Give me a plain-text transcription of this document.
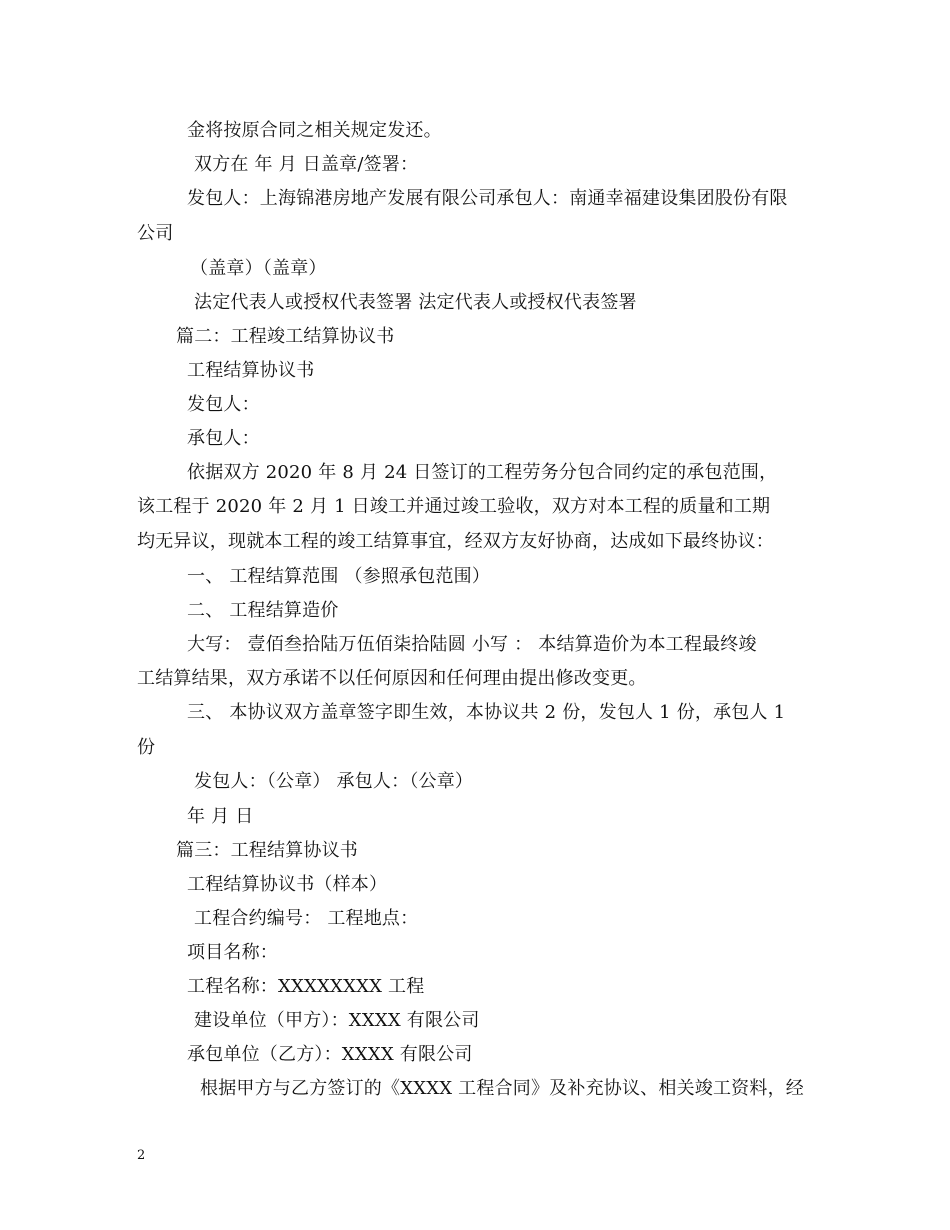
金将按原合同之相关规定发还。
双方在 年 月 日盖章/签署：
发包人：上海锦港房地产发展有限公司承包人：南通幸福建设集团股份有限
公司
（盖章）（盖章）
法定代表人或授权代表签署 法定代表人或授权代表签署
篇二：工程竣工结算协议书
工程结算协议书
发包人：
承包人：
依据双方 2020 年 8 月 24 日签订的工程劳务分包合同约定的承包范围，
该工程于 2020 年 2 月 1 日竣工并通过竣工验收，双方对本工程的质量和工期
均无异议，现就本工程的竣工结算事宜，经双方友好协商，达成如下最终协议：
一、 工程结算范围 （参照承包范围）
二、 工程结算造价
大写： 壹佰叁拾陆万伍佰柒拾陆圆 小写 ： 本结算造价为本工程最终竣
工结算结果，双方承诺不以任何原因和任何理由提出修改变更。
三、 本协议双方盖章签字即生效，本协议共 2 份，发包人 1 份，承包人 1
份
发包人：（公章） 承包人：（公章）
年 月 日
篇三：工程结算协议书
工程结算协议书（样本）
工程合约编号： 工程地点：
项目名称：
工程名称：XXXXXXXX 工程
建设单位（甲方）：XXXX 有限公司
承包单位（乙方）：XXXX 有限公司
根据甲方与乙方签订的《XXXX 工程合同》及补充协议、相关竣工资料，经
2
